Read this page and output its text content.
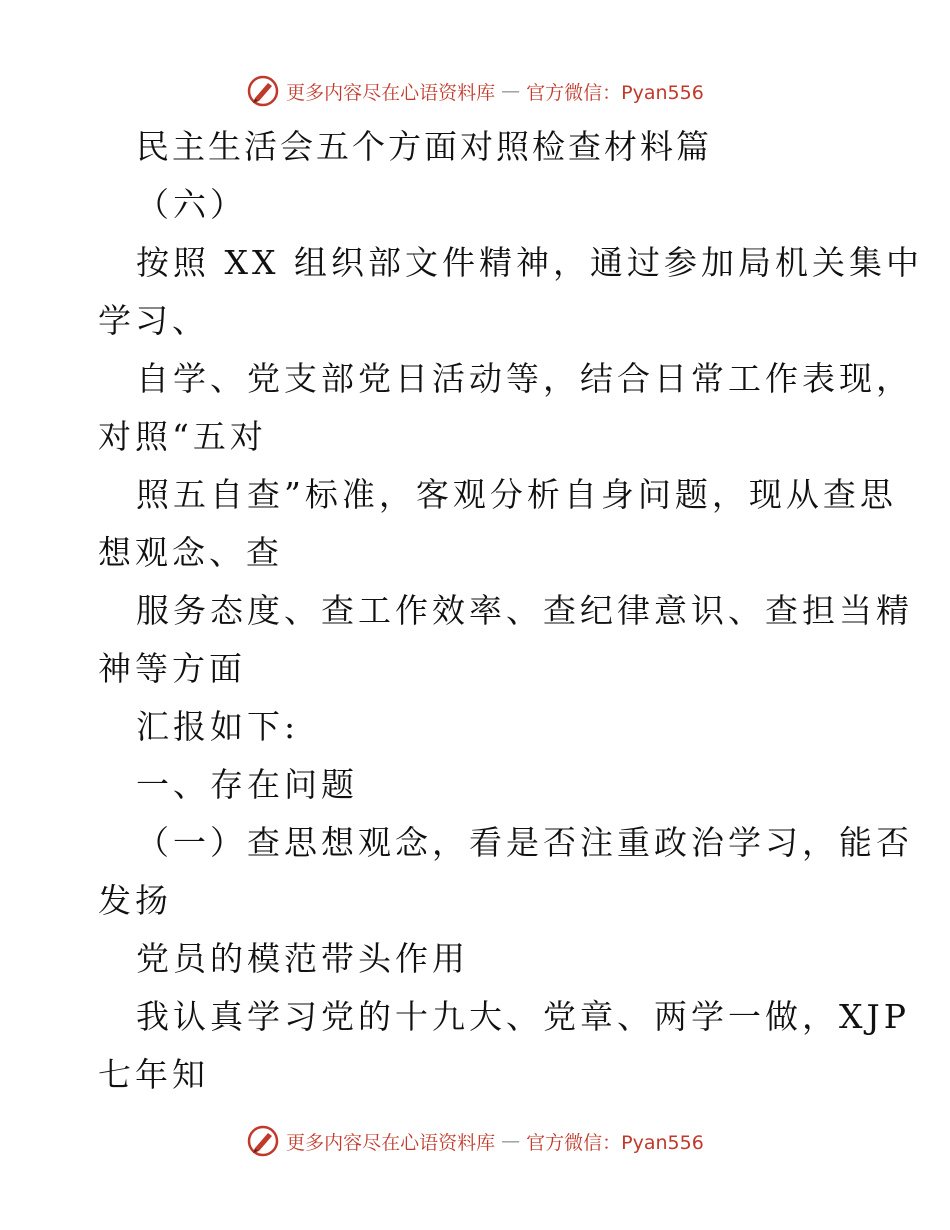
更多内容尽在心语资料库 — 官方微信：Pyan556
民主生活会五个方面对照检查材料篇
（六）
按照 XX 组织部文件精神，通过参加局机关集中
学习、
自学、党支部党日活动等，结合日常工作表现，
对照“五对
照五自查”标准，客观分析自身问题，现从查思
想观念、查
服务态度、查工作效率、查纪律意识、查担当精
神等方面
汇报如下:
一、存在问题
（一）查思想观念，看是否注重政治学习，能否
发扬
党员的模范带头作用
我认真学习党的十九大、党章、两学一做，XJP
七年知
更多内容尽在心语资料库 — 官方微信：Pyan556
